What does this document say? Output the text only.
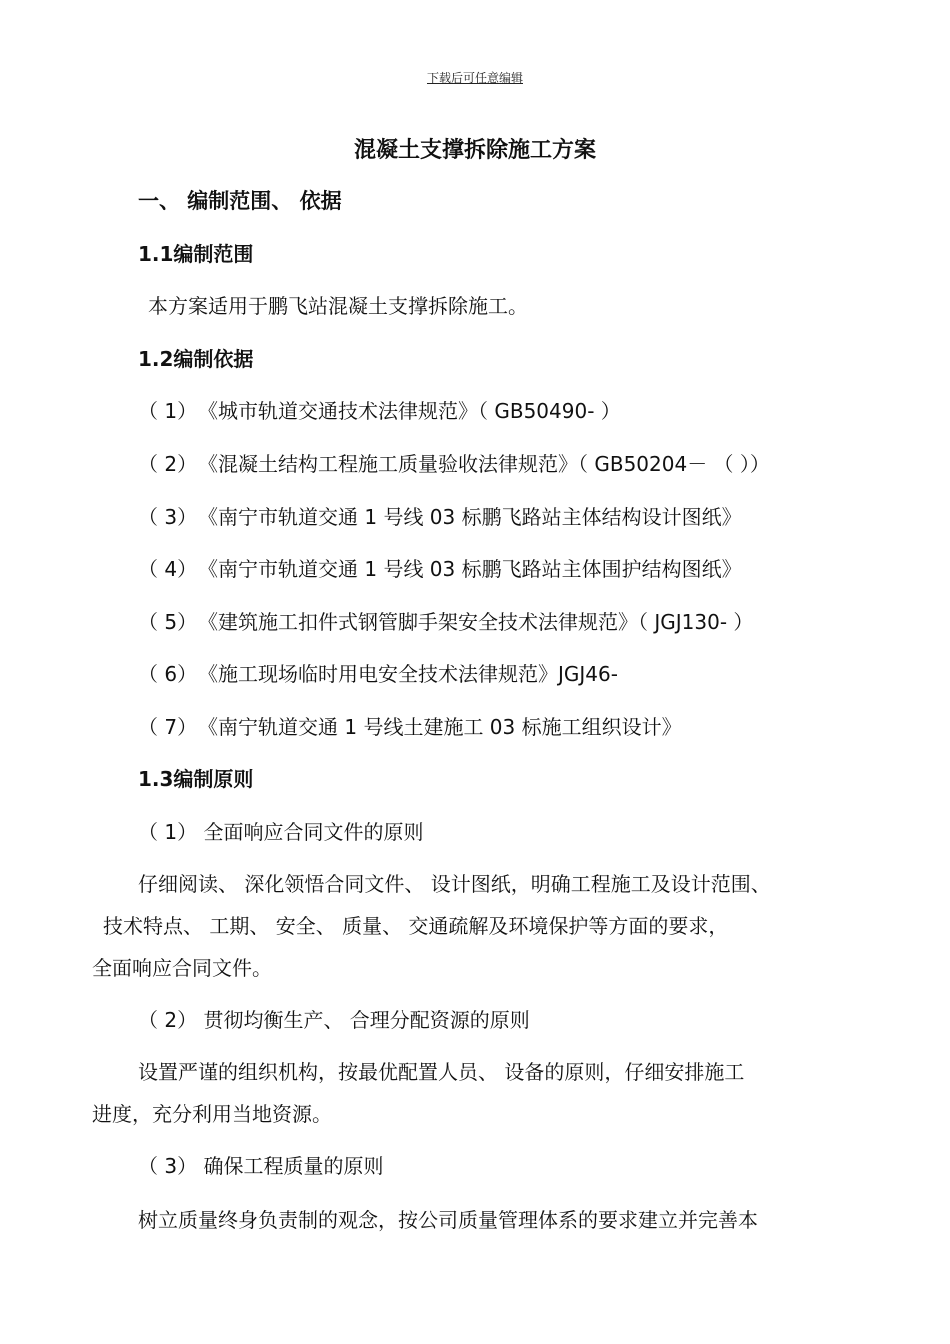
下载后可任意编辑
混凝土支撑拆除施工方案
一、 编制范围、 依据
1.1编制范围
本方案适用于鹏飞站混凝土支撑拆除施工。
1.2编制依据
（ 1）《城市轨道交通技术法律规范》（ GB50490- ）
（ 2）《混凝土结构工程施工质量验收法律规范》（ GB50204－ （ ））
（ 3）《南宁市轨道交通 1 号线 03 标鹏飞路站主体结构设计图纸》
（ 4）《南宁市轨道交通 1 号线 03 标鹏飞路站主体围护结构图纸》
（ 5）《建筑施工扣件式钢管脚手架安全技术法律规范》（ JGJ130- ）
（ 6）《施工现场临时用电安全技术法律规范》JGJ46-
（ 7）《南宁轨道交通 1 号线土建施工 03 标施工组织设计》
1.3编制原则
（ 1） 全面响应合同文件的原则
仔细阅读、 深化领悟合同文件、 设计图纸，明确工程施工及设计范围、
技术特点、 工期、 安全、 质量、 交通疏解及环境保护等方面的要求，
全面响应合同文件。
（ 2） 贯彻均衡生产、 合理分配资源的原则
设置严谨的组织机构，按最优配置人员、 设备的原则，仔细安排施工
进度，充分利用当地资源。
（ 3） 确保工程质量的原则
树立质量终身负责制的观念，按公司质量管理体系的要求建立并完善本
